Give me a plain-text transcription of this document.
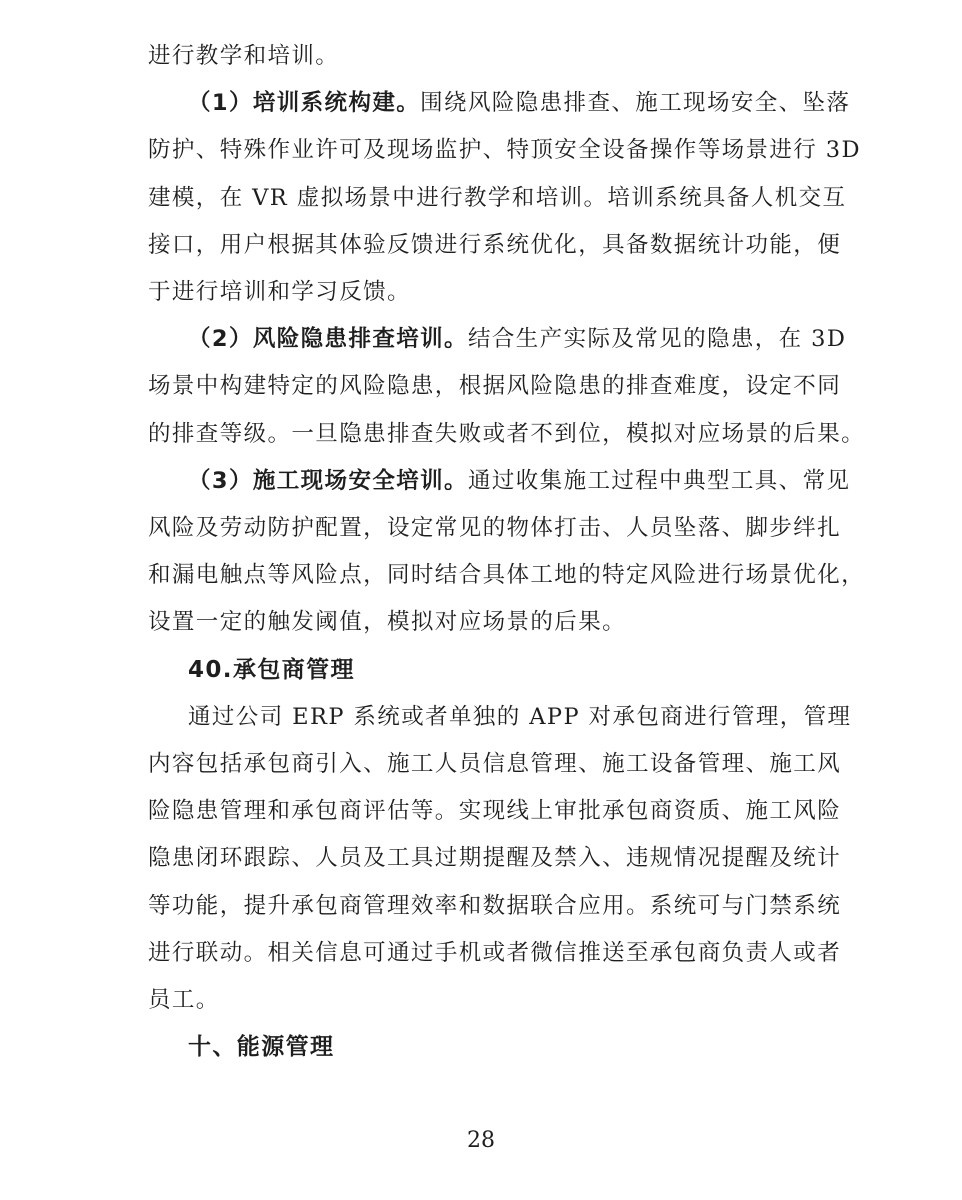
进行教学和培训。
（1）培训系统构建。围绕风险隐患排查、施工现场安全、坠落
防护、特殊作业许可及现场监护、特顶安全设备操作等场景进行 3D
建模，在 VR 虚拟场景中进行教学和培训。培训系统具备人机交互
接口，用户根据其体验反馈进行系统优化，具备数据统计功能，便
于进行培训和学习反馈。
（2）风险隐患排查培训。结合生产实际及常见的隐患，在 3D
场景中构建特定的风险隐患，根据风险隐患的排查难度，设定不同
的排查等级。一旦隐患排查失败或者不到位，模拟对应场景的后果。
（3）施工现场安全培训。通过收集施工过程中典型工具、常见
风险及劳动防护配置，设定常见的物体打击、人员坠落、脚步绊扎
和漏电触点等风险点，同时结合具体工地的特定风险进行场景优化，
设置一定的触发阈值，模拟对应场景的后果。
40.承包商管理
通过公司 ERP 系统或者单独的 APP 对承包商进行管理，管理
内容包括承包商引入、施工人员信息管理、施工设备管理、施工风
险隐患管理和承包商评估等。实现线上审批承包商资质、施工风险
隐患闭环跟踪、人员及工具过期提醒及禁入、违规情况提醒及统计
等功能，提升承包商管理效率和数据联合应用。系统可与门禁系统
进行联动。相关信息可通过手机或者微信推送至承包商负责人或者
员工。
十、能源管理
28
